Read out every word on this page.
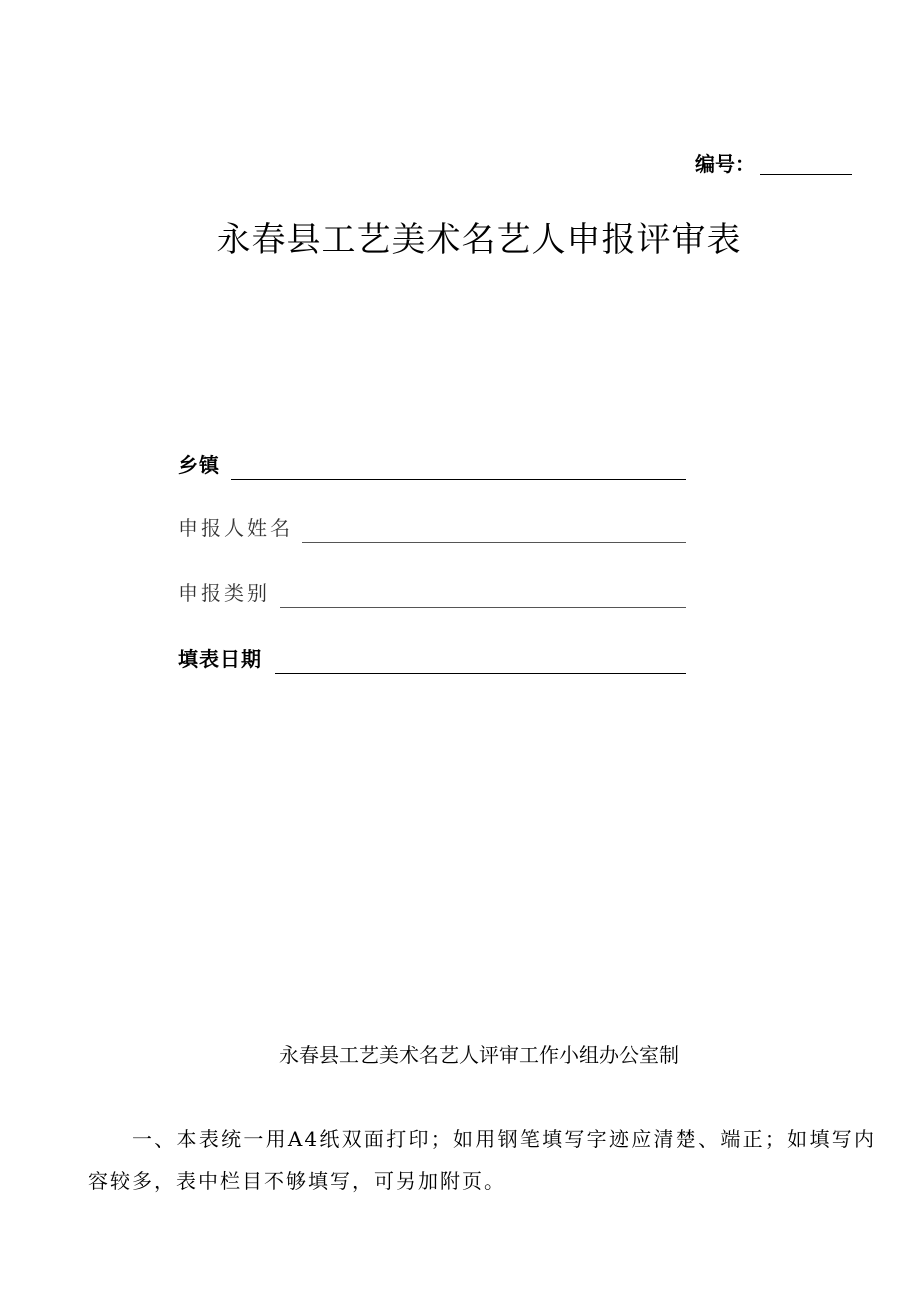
编号：
永春县工艺美术名艺人申报评审表
乡镇
申报人姓名
申报类别
填表日期
永春县工艺美术名艺人评审工作小组办公室制

一、本表统一用A4纸双面打印；如用钢笔填写字迹应清楚、端正；如填写内容较多，表中栏目不够填写，可另加附页。
